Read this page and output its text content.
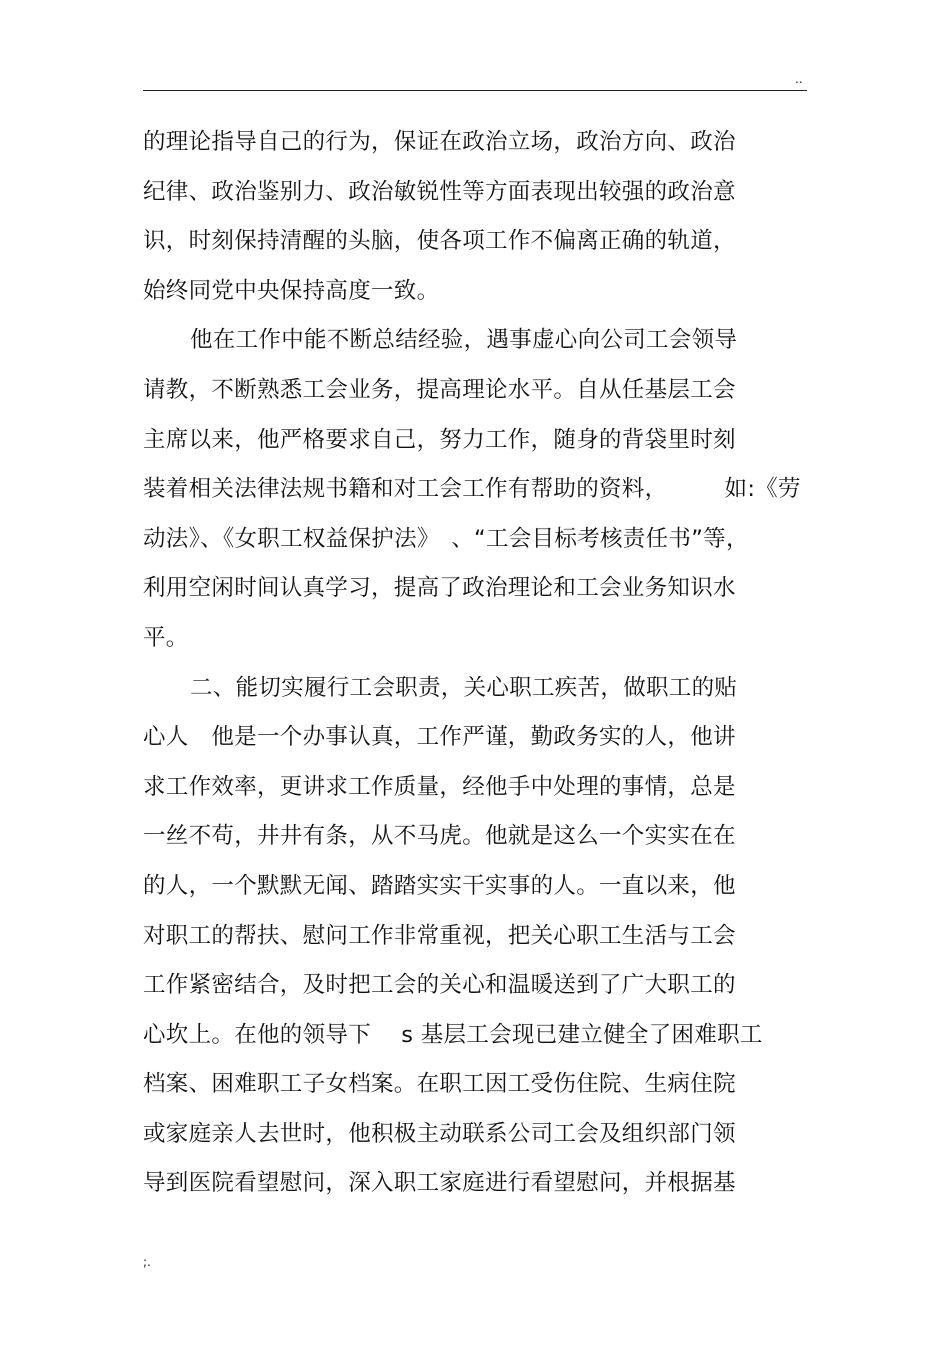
..
的理论指导自己的行为，保证在政治立场，政治方向、政治
纪律、政治鉴别力、政治敏锐性等方面表现出较强的政治意
识，时刻保持清醒的头脑，使各项工作不偏离正确的轨道，
始终同党中央保持高度一致。
他在工作中能不断总结经验，遇事虚心向公司工会领导
请教，不断熟悉工会业务，提高理论水平。自从任基层工会
主席以来，他严格要求自己，努力工作，随身的背袋里时刻
装着相关法律法规书籍和对工会工作有帮助的资料，　　　如:《劳
动法》、《女职工权益保护法》　、“工会目标考核责任书”等，
利用空闲时间认真学习，提高了政治理论和工会业务知识水
平。
二、能切实履行工会职责，关心职工疾苦，做职工的贴
心人　他是一个办事认真，工作严谨，勤政务实的人，他讲
求工作效率，更讲求工作质量，经他手中处理的事情，总是
一丝不苟，井井有条，从不马虎。他就是这么一个实实在在
的人，一个默默无闻、踏踏实实干实事的人。一直以来，他
对职工的帮扶、慰问工作非常重视，把关心职工生活与工会
工作紧密结合，及时把工会的关心和温暖送到了广大职工的
心坎上。在他的领导下　 s 基层工会现已建立健全了困难职工
档案、困难职工子女档案。在职工因工受伤住院、生病住院
或家庭亲人去世时，他积极主动联系公司工会及组织部门领
导到医院看望慰问，深入职工家庭进行看望慰问，并根据基
;.
